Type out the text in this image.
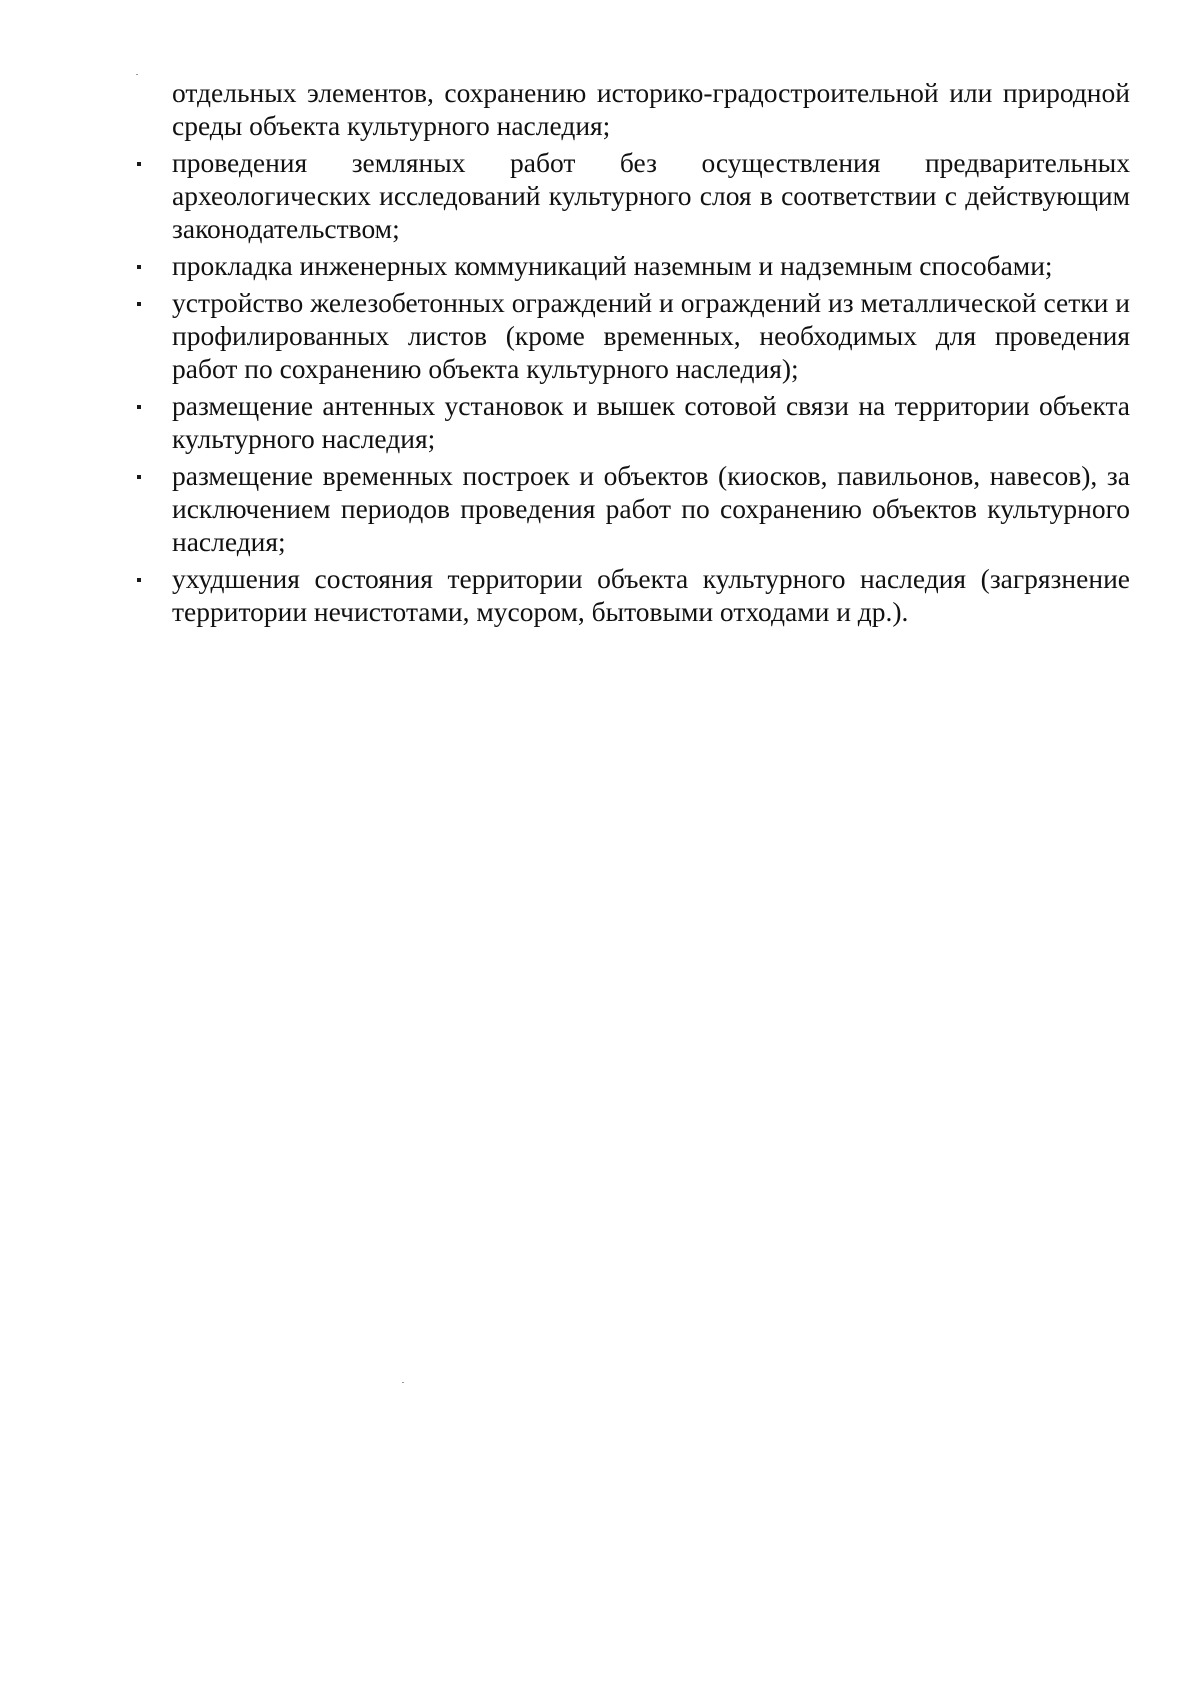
отдельных элементов, сохранению историко-градостроительной или природной среды объекта культурного наследия;

проведения земляных работ без осуществления предварительных археологических исследований культурного слоя в соответствии с действующим законодательством;
прокладка инженерных коммуникаций наземным и надземным способами;
устройство железобетонных ограждений и ограждений из металлической сетки и профилированных листов (кроме временных, необходимых для проведения работ по сохранению объекта культурного наследия);
размещение антенных установок и вышек сотовой связи на территории объекта культурного наследия;
размещение временных построек и объектов (киосков, павильонов, навесов), за исключением периодов проведения работ по сохранению объектов культурного наследия;
ухудшения состояния территории объекта культурного наследия (загрязнение территории нечистотами, мусором, бытовыми отходами и др.).
